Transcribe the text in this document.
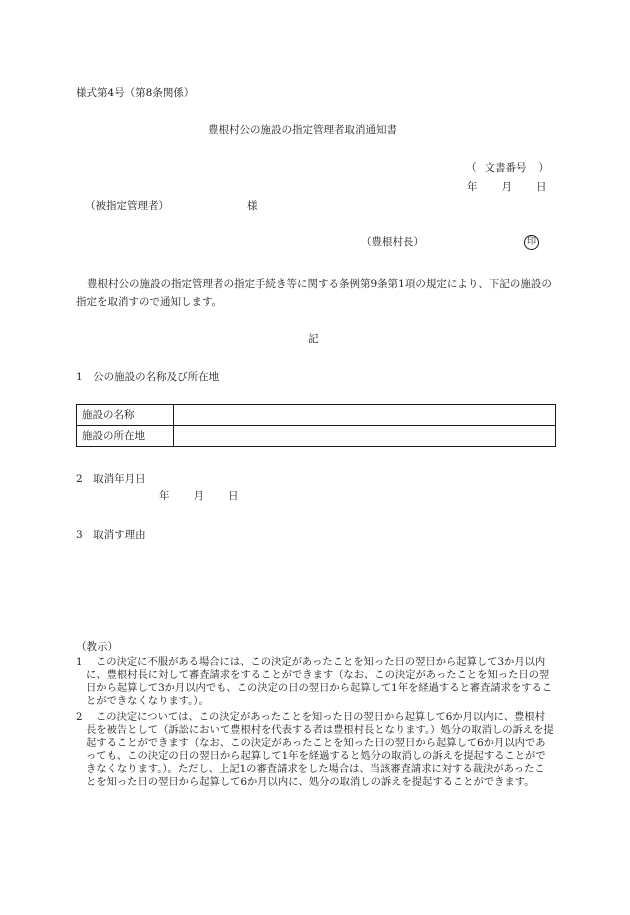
様式第4号（第8条関係）
豊根村公の施設の指定管理者取消通知書
（ 文書番号 ）
年 月 日
（被指定管理者）	様
（豊根村長）	印
豊根村公の施設の指定管理者の指定手続き等に関する条例第9条第1項の規定により、下記の施設の指定を取消すので通知します。
記
1　公の施設の名称及び所在地
施設の名称	
施設の所在地	
2　取消年月日
年 月 日
3　取消す理由
（教示）
1	この決定に不服がある場合には、この決定があったことを知った日の翌日から起算して3か月以内に、豊根村長に対して審査請求をすることができます（なお、この決定があったことを知った日の翌日から起算して3か月以内でも、この決定の日の翌日から起算して1年を経過すると審査請求をすることができなくなります。）。
2	この決定については、この決定があったことを知った日の翌日から起算して6か月以内に、豊根村長を被告として（訴訟において豊根村を代表する者は豊根村長となります。）処分の取消しの訴えを提起することができます（なお、この決定があったことを知った日の翌日から起算して6か月以内であっても、この決定の日の翌日から起算して1年を経過すると処分の取消しの訴えを提起することができなくなります。）。ただし、上記1の審査請求をした場合は、当該審査請求に対する裁決があったことを知った日の翌日から起算して6か月以内に、処分の取消しの訴えを提起することができます。
